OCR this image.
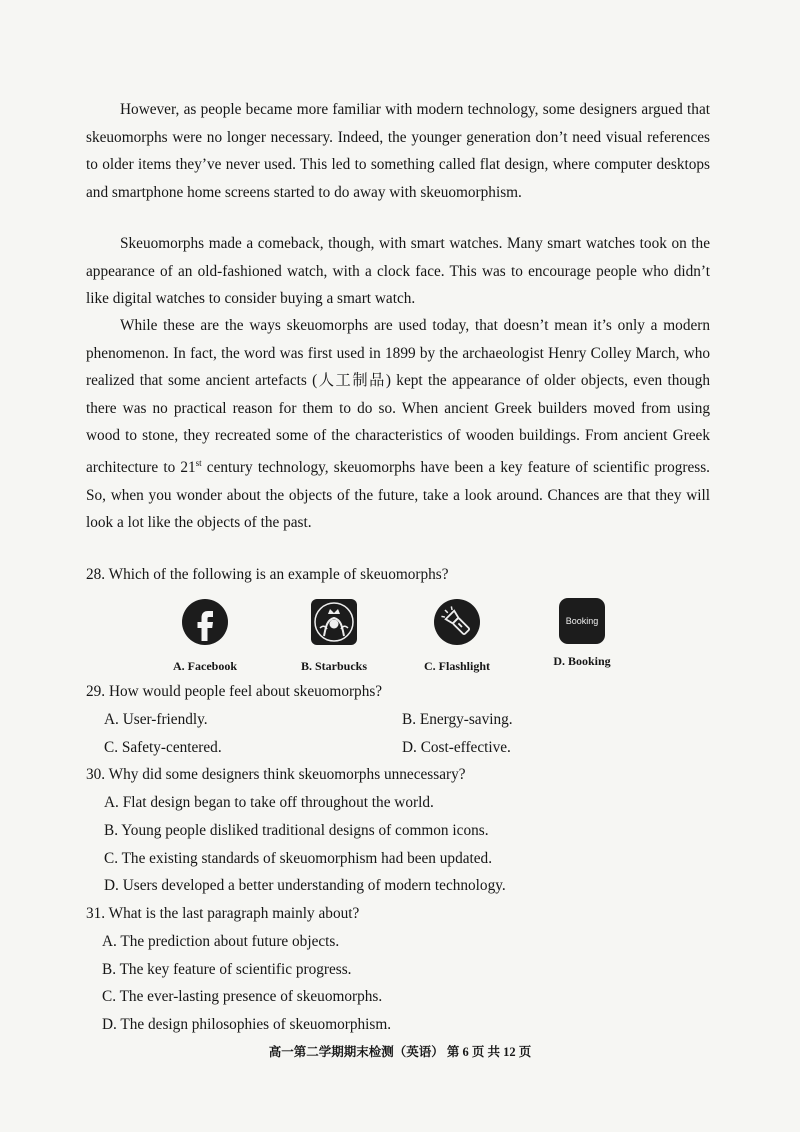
However, as people became more familiar with modern technology, some designers argued that skeuomorphs were no longer necessary. Indeed, the younger generation don’t need visual references to older items they’ve never used. This led to something called flat design, where computer desktops and smartphone home screens started to do away with skeuomorphism.

Skeuomorphs made a comeback, though, with smart watches. Many smart watches took on the appearance of an old-fashioned watch, with a clock face. This was to encourage people who didn’t like digital watches to consider buying a smart watch.

While these are the ways skeuomorphs are used today, that doesn’t mean it’s only a modern phenomenon. In fact, the word was first used in 1899 by the archaeologist Henry Colley March, who realized that some ancient artefacts (人工制品) kept the appearance of older objects, even though there was no practical reason for them to do so. When ancient Greek builders moved from using wood to stone, they recreated some of the characteristics of wooden buildings. From ancient Greek architecture to 21st century technology, skeuomorphs have been a key feature of scientific progress. So, when you wonder about the objects of the future, take a look around. Chances are that they will look a lot like the objects of the past.

28. Which of the following is an example of skeuomorphs?

A. Facebook	B. Starbucks	C. Flashlight
Booking
D. Booking

29. How would people feel about skeuomorphs?

A. User-friendly.	B. Energy-saving.

C. Safety-centered.	D. Cost-effective.

30. Why did some designers think skeuomorphs unnecessary?

A. Flat design began to take off throughout the world.

B. Young people disliked traditional designs of common icons.

C. The existing standards of skeuomorphism had been updated.

D. Users developed a better understanding of modern technology.

31. What is the last paragraph mainly about?

A. The prediction about future objects.

B. The key feature of scientific progress.

C. The ever-lasting presence of skeuomorphs.

D. The design philosophies of skeuomorphism.

高一第二学期期末检测（英语） 第 6 页 共 12 页
